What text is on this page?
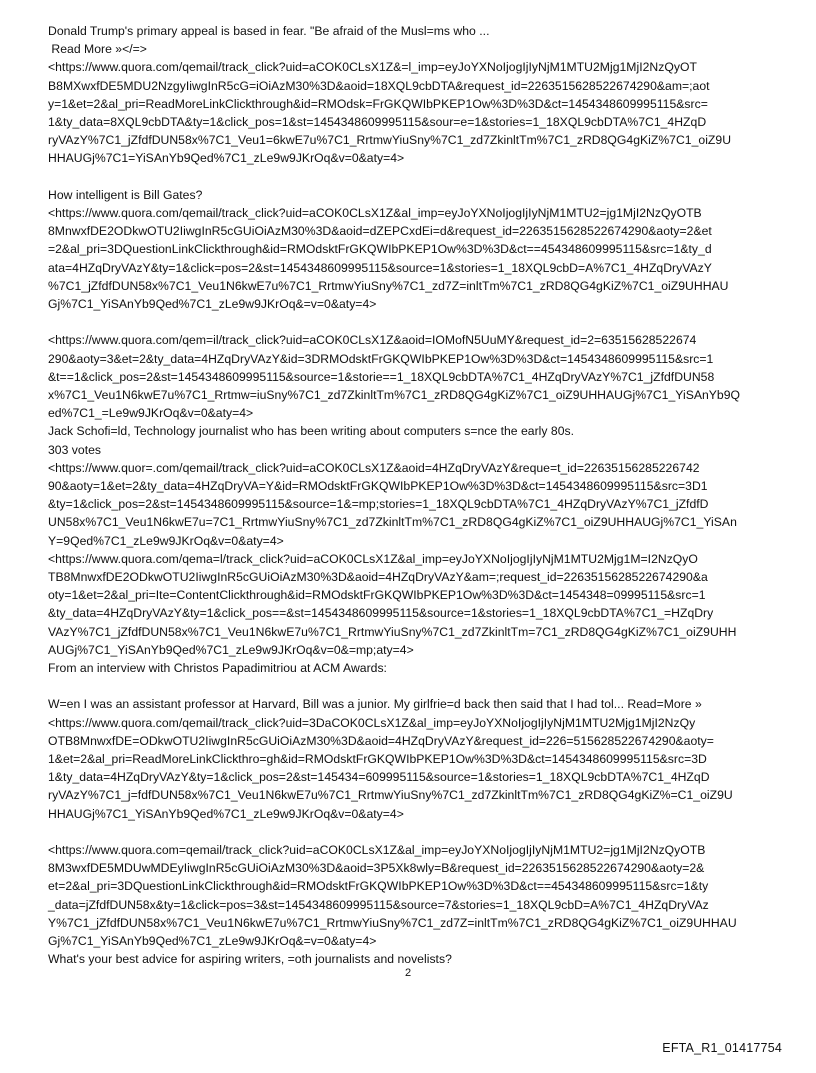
Donald Trump's primary appeal is based in fear. "Be afraid of the Musl=ms who ...

Read More »</=>

<https://www.quora.com/qemail/track_click?uid=aCOK0CLsX1Z&=l_imp=eyJoYXNoIjogIjIyNjM1MTU2Mjg1MjI2NzQyOT

B8MXwxfDE5MDU2NzgyIiwgInR5cG=iOiAzM30%3D&aoid=18XQL9cbDTA&request_id=2263515628522674290&am=;aot

y=1&et=2&al_pri=ReadMoreLinkClickthrough&id=RMOdsk=FrGKQWIbPKEP1Ow%3D%3D&ct=1454348609995115&src=

1&ty_data=8XQL9cbDTA&ty=1&click_pos=1&st=1454348609995115&sour=e=1&stories=1_18XQL9cbDTA%7C1_4HZqD

ryVAzY%7C1_jZfdfDUN58x%7C1_Veu1=6kwE7u%7C1_RrtmwYiuSny%7C1_zd7ZkinltTm%7C1_zRD8QG4gKiZ%7C1_oiZ9U

HHAUGj%7C1=YiSAnYb9Qed%7C1_zLe9w9JKrOq&v=0&aty=4>

How intelligent is Bill Gates?

<https://www.quora.com/qemail/track_click?uid=aCOK0CLsX1Z&al_imp=eyJoYXNoIjogIjIyNjM1MTU2=jg1MjI2NzQyOTB

8MnwxfDE2ODkwOTU2IiwgInR5cGUiOiAzM30%3D&aoid=dZEPCxdEi=d&request_id=2263515628522674290&aoty=2&et

=2&al_pri=3DQuestionLinkClickthrough&id=RMOdsktFrGKQWIbPKEP1Ow%3D%3D&ct==454348609995115&src=1&ty_d

ata=4HZqDryVAzY&ty=1&click=pos=2&st=1454348609995115&source=1&stories=1_18XQL9cbD=A%7C1_4HZqDryVAzY

%7C1_jZfdfDUN58x%7C1_Veu1N6kwE7u%7C1_RrtmwYiuSny%7C1_zd7Z=inltTm%7C1_zRD8QG4gKiZ%7C1_oiZ9UHHAU

Gj%7C1_YiSAnYb9Qed%7C1_zLe9w9JKrOq&=v=0&aty=4>

<https://www.quora.com/qem=il/track_click?uid=aCOK0CLsX1Z&aoid=IOMofN5UuMY&request_id=2=63515628522674

290&aoty=3&et=2&ty_data=4HZqDryVAzY&id=3DRMOdsktFrGKQWIbPKEP1Ow%3D%3D&ct=1454348609995115&src=1

&t==1&click_pos=2&st=1454348609995115&source=1&storie==1_18XQL9cbDTA%7C1_4HZqDryVAzY%7C1_jZfdfDUN58

x%7C1_Veu1N6kwE7u%7C1_Rrtmw=iuSny%7C1_zd7ZkinltTm%7C1_zRD8QG4gKiZ%7C1_oiZ9UHHAUGj%7C1_YiSAnYb9Q

ed%7C1_=Le9w9JKrOq&v=0&aty=4>

Jack Schofi=ld, Technology journalist who has been writing about computers s=nce the early 80s.

303 votes

<https://www.quor=.com/qemail/track_click?uid=aCOK0CLsX1Z&aoid=4HZqDryVAzY&reque=t_id=22635156285226742

90&aoty=1&et=2&ty_data=4HZqDryVA=Y&id=RMOdsktFrGKQWIbPKEP1Ow%3D%3D&ct=1454348609995115&src=3D1

&ty=1&click_pos=2&st=1454348609995115&source=1&=mp;stories=1_18XQL9cbDTA%7C1_4HZqDryVAzY%7C1_jZfdfD

UN58x%7C1_Veu1N6kwE7u=7C1_RrtmwYiuSny%7C1_zd7ZkinltTm%7C1_zRD8QG4gKiZ%7C1_oiZ9UHHAUGj%7C1_YiSAn

Y=9Qed%7C1_zLe9w9JKrOq&v=0&aty=4>

<https://www.quora.com/qema=l/track_click?uid=aCOK0CLsX1Z&al_imp=eyJoYXNoIjogIjIyNjM1MTU2Mjg1M=I2NzQyO

TB8MnwxfDE2ODkwOTU2IiwgInR5cGUiOiAzM30%3D&aoid=4HZqDryVAzY&am=;request_id=2263515628522674290&a

oty=1&et=2&al_pri=Ite=ContentClickthrough&id=RMOdsktFrGKQWIbPKEP1Ow%3D%3D&ct=1454348=09995115&src=1

&ty_data=4HZqDryVAzY&ty=1&click_pos==&st=1454348609995115&source=1&stories=1_18XQL9cbDTA%7C1_=HZqDry

VAzY%7C1_jZfdfDUN58x%7C1_Veu1N6kwE7u%7C1_RrtmwYiuSny%7C1_zd7ZkinltTm=7C1_zRD8QG4gKiZ%7C1_oiZ9UHH

AUGj%7C1_YiSAnYb9Qed%7C1_zLe9w9JKrOq&v=0&=mp;aty=4>

From an interview with Christos Papadimitriou at ACM Awards:

W=en I was an assistant professor at Harvard, Bill was a junior. My girlfrie=d back then said that I had tol... Read=More »

<https://www.quora.com/qemail/track_click?uid=3DaCOK0CLsX1Z&al_imp=eyJoYXNoIjogIjIyNjM1MTU2Mjg1MjI2NzQy

OTB8MnwxfDE=ODkwOTU2IiwgInR5cGUiOiAzM30%3D&aoid=4HZqDryVAzY&request_id=226=515628522674290&aoty=

1&et=2&al_pri=ReadMoreLinkClickthro=gh&id=RMOdsktFrGKQWIbPKEP1Ow%3D%3D&ct=1454348609995115&src=3D

1&ty_data=4HZqDryVAzY&ty=1&click_pos=2&st=145434=609995115&source=1&stories=1_18XQL9cbDTA%7C1_4HZqD

ryVAzY%7C1_j=fdfDUN58x%7C1_Veu1N6kwE7u%7C1_RrtmwYiuSny%7C1_zd7ZkinltTm%7C1_zRD8QG4gKiZ%=C1_oiZ9U

HHAUGj%7C1_YiSAnYb9Qed%7C1_zLe9w9JKrOq&v=0&aty=4>

<https://www.quora.com=qemail/track_click?uid=aCOK0CLsX1Z&al_imp=eyJoYXNoIjogIjIyNjM1MTU2=jg1MjI2NzQyOTB

8M3wxfDE5MDUwMDEyIiwgInR5cGUiOiAzM30%3D&aoid=3P5Xk8wly=B&request_id=2263515628522674290&aoty=2&

et=2&al_pri=3DQuestionLinkClickthrough&id=RMOdsktFrGKQWIbPKEP1Ow%3D%3D&ct==454348609995115&src=1&ty

_data=jZfdfDUN58x&ty=1&click=pos=3&st=1454348609995115&source=7&stories=1_18XQL9cbD=A%7C1_4HZqDryVAz

Y%7C1_jZfdfDUN58x%7C1_Veu1N6kwE7u%7C1_RrtmwYiuSny%7C1_zd7Z=inltTm%7C1_zRD8QG4gKiZ%7C1_oiZ9UHHAU

Gj%7C1_YiSAnYb9Qed%7C1_zLe9w9JKrOq&=v=0&aty=4>

What's your best advice for aspiring writers, =oth journalists and novelists?

2
EFTA_R1_01417754
